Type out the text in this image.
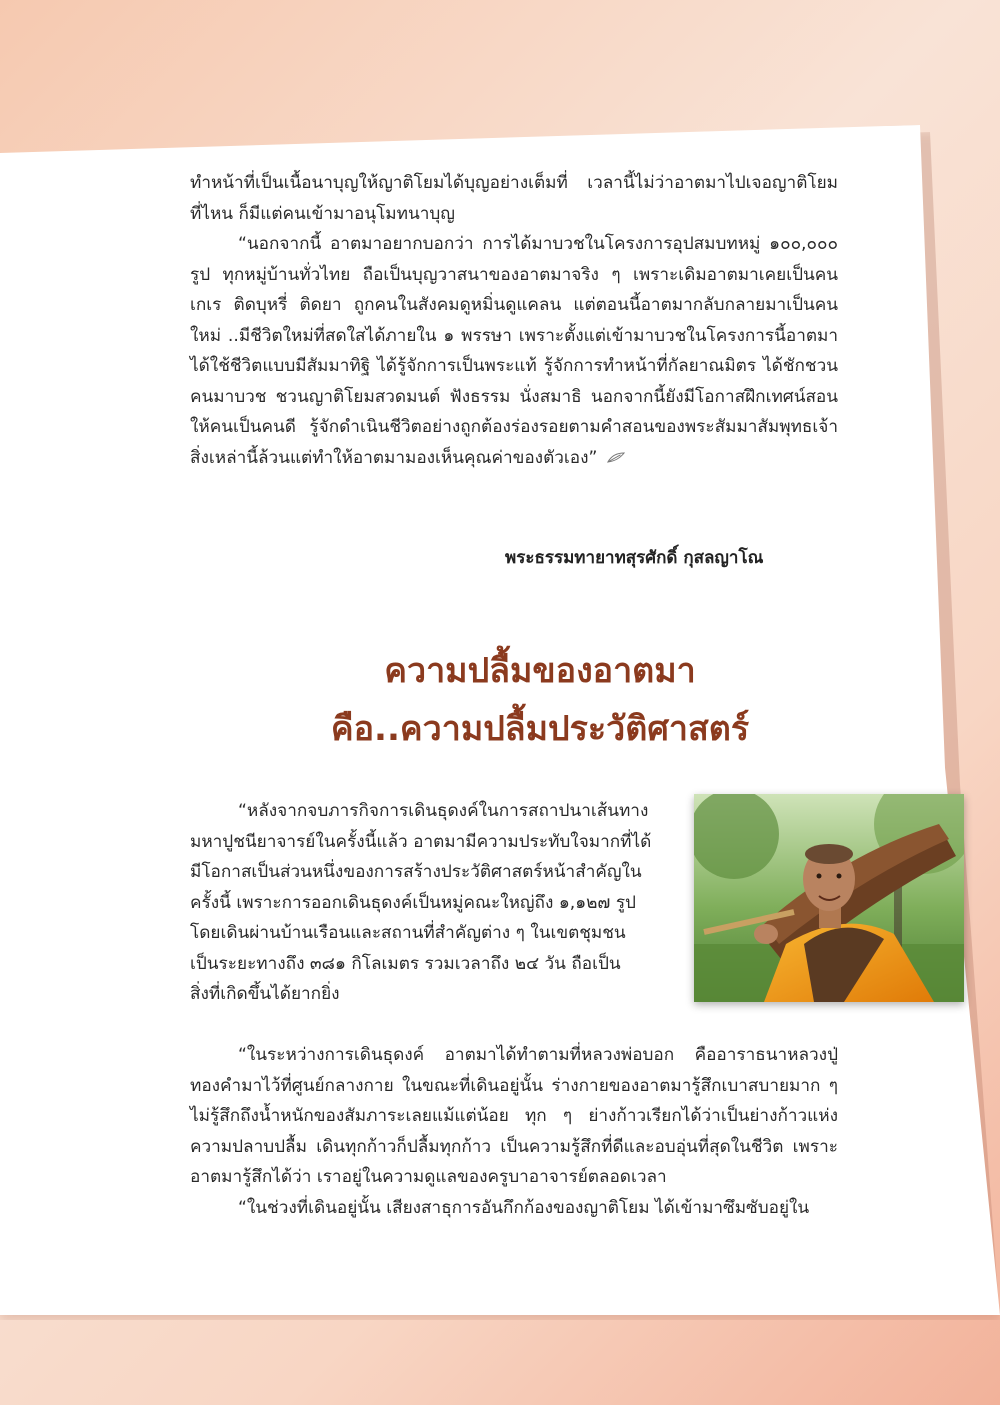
ทำหน้าที่เป็นเนื้อนาบุญให้ญาติโยมได้บุญอย่างเต็มที่ เวลานี้ไม่ว่าอาตมาไปเจอญาติโยมที่ไหน ก็มีแต่คนเข้ามาอนุโมทนาบุญ

“นอกจากนี้ อาตมาอยากบอกว่า การได้มาบวชในโครงการอุปสมบทหมู่ ๑๐๐,๐๐๐ รูป ทุกหมู่บ้านทั่วไทย ถือเป็นบุญวาสนาของอาตมาจริง ๆ เพราะเดิมอาตมาเคยเป็นคนเกเร ติดบุหรี่ ติดยา ถูกคนในสังคมดูหมิ่นดูแคลน แต่ตอนนี้อาตมากลับกลายมาเป็นคนใหม่ ..มีชีวิตใหม่ที่สดใสได้ภายใน ๑ พรรษา เพราะตั้งแต่เข้ามาบวชในโครงการนี้อาตมาได้ใช้ชีวิตแบบมีสัมมาทิฐิ ได้รู้จักการเป็นพระแท้ รู้จักการทำหน้าที่กัลยาณมิตร ได้ชักชวนคนมาบวช ชวนญาติโยมสวดมนต์ ฟังธรรม นั่งสมาธิ นอกจากนี้ยังมีโอกาสฝึกเทศน์สอนให้คนเป็นคนดี รู้จักดำเนินชีวิตอย่างถูกต้องร่องรอยตามคำสอนของพระสัมมาสัมพุทธเจ้า สิ่งเหล่านี้ล้วนแต่ทำให้อาตมามองเห็นคุณค่าของตัวเอง”

พระธรรมทายาทสุรศักดิ์ กุสลญาโณ
ความปลื้มของอาตมา
คือ..ความปลื้มประวัติศาสตร์
“หลังจากจบภารกิจการเดินธุดงค์ในการสถาปนาเส้นทาง
มหาปูชนียาจารย์ในครั้งนี้แล้ว อาตมามีความประทับใจมากที่ได้
มีโอกาสเป็นส่วนหนึ่งของการสร้างประวัติศาสตร์หน้าสำคัญใน
ครั้งนี้ เพราะการออกเดินธุดงค์เป็นหมู่คณะใหญ่ถึง ๑,๑๒๗ รูป
โดยเดินผ่านบ้านเรือนและสถานที่สำคัญต่าง ๆ ในเขตชุมชน
เป็นระยะทางถึง ๓๘๑ กิโลเมตร รวมเวลาถึง ๒๔ วัน ถือเป็น
สิ่งที่เกิดขึ้นได้ยากยิ่ง

“ในระหว่างการเดินธุดงค์ อาตมาได้ทำตามที่หลวงพ่อบอก คืออาราธนาหลวงปู่ทองคำมาไว้ที่ศูนย์กลางกาย ในขณะที่เดินอยู่นั้น ร่างกายของอาตมารู้สึกเบาสบายมาก ๆ ไม่รู้สึกถึงน้ำหนักของสัมภาระเลยแม้แต่น้อย ทุก ๆ ย่างก้าวเรียกได้ว่าเป็นย่างก้าวแห่งความปลาบปลื้ม เดินทุกก้าวก็ปลื้มทุกก้าว เป็นความรู้สึกที่ดีและอบอุ่นที่สุดในชีวิต เพราะอาตมารู้สึกได้ว่า เราอยู่ในความดูแลของครูบาอาจารย์ตลอดเวลา

“ในช่วงที่เดินอยู่นั้น เสียงสาธุการอันกึกก้องของญาติโยม ได้เข้ามาซึมซับอยู่ใน
